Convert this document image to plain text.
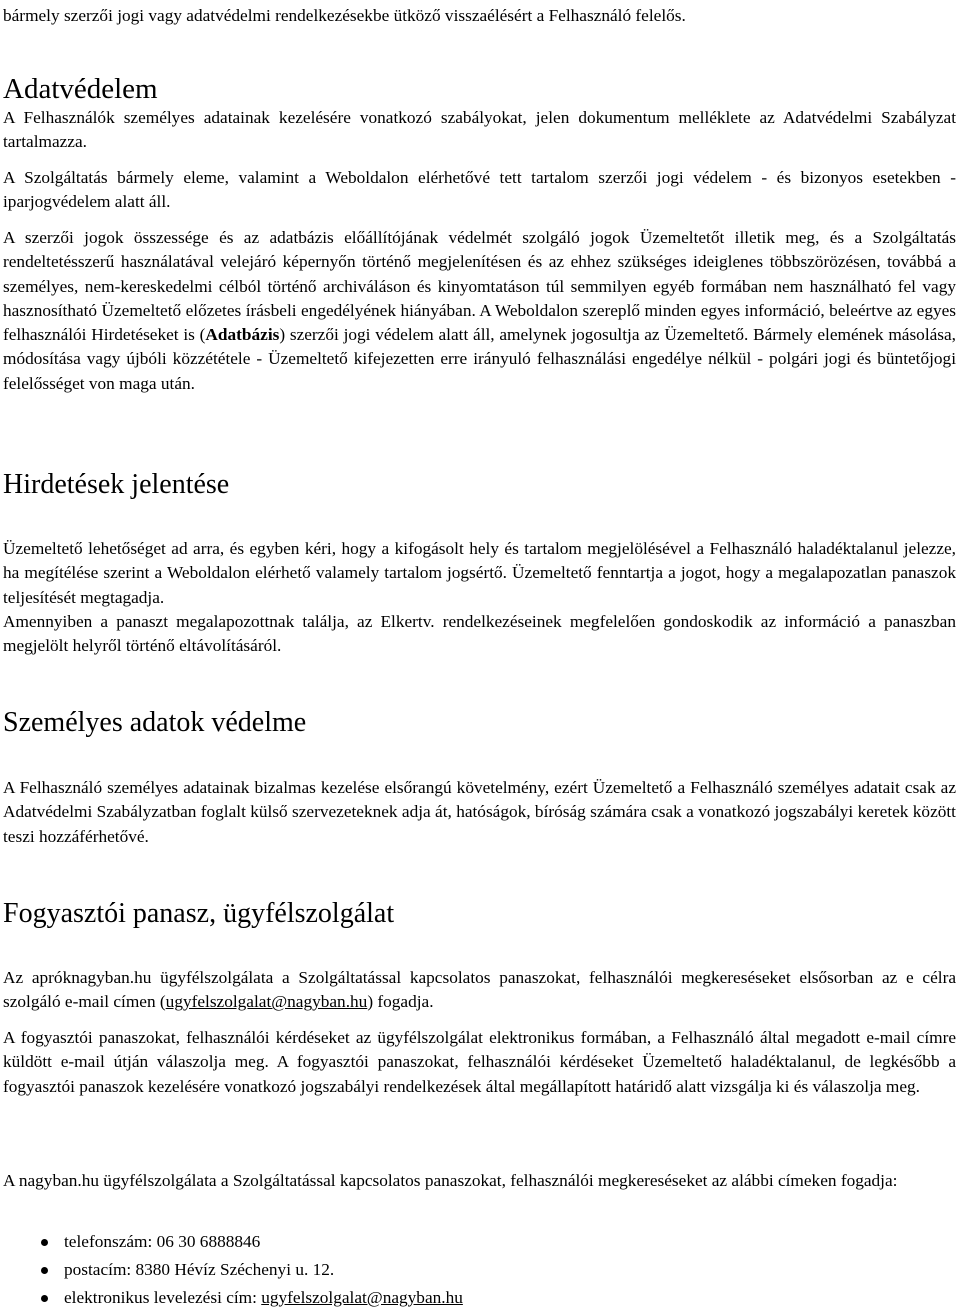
bármely szerzői jogi vagy adatvédelmi rendelkezésekbe ütköző visszaélésért a Felhasználó felelős.

Adatvédelem

A Felhasználók személyes adatainak kezelésére vonatkozó szabályokat, jelen dokumentum melléklete az Adatvédelmi Szabályzat tartalmazza.

A Szolgáltatás bármely eleme, valamint a Weboldalon elérhetővé tett tartalom szerzői jogi védelem - és bizonyos esetekben - iparjogvédelem alatt áll.

A szerzői jogok összessége és az adatbázis előállítójának védelmét szolgáló jogok Üzemeltetőt illetik meg, és a Szolgáltatás rendeltetésszerű használatával velejáró képernyőn történő megjelenítésen és az ehhez szükséges ideiglenes többszörözésen, továbbá a személyes, nem-kereskedelmi célból történő archiváláson és kinyomtatáson túl semmilyen egyéb formában nem használható fel vagy hasznosítható Üzemeltető előzetes írásbeli engedélyének hiányában. A Weboldalon szereplő minden egyes információ, beleértve az egyes felhasználói Hirdetéseket is (Adatbázis) szerzői jogi védelem alatt áll, amelynek jogosultja az Üzemeltető. Bármely elemének másolása, módosítása vagy újbóli közzététele - Üzemeltető kifejezetten erre irányuló felhasználási engedélye nélkül - polgári jogi és büntetőjogi felelősséget von maga után.

Hirdetések jelentése

Üzemeltető lehetőséget ad arra, és egyben kéri, hogy a kifogásolt hely és tartalom megjelölésével a Felhasználó haladéktalanul jelezze, ha megítélése szerint a Weboldalon elérhető valamely tartalom jogsértő. Üzemeltető fenntartja a jogot, hogy a megalapozatlan panaszok teljesítését megtagadja.

Amennyiben a panaszt megalapozottnak találja, az Elkertv. rendelkezéseinek megfelelően gondoskodik az információ a panaszban megjelölt helyről történő eltávolításáról.

Személyes adatok védelme

A Felhasználó személyes adatainak bizalmas kezelése elsőrangú követelmény, ezért Üzemeltető a Felhasználó személyes adatait csak az Adatvédelmi Szabályzatban foglalt külső szervezeteknek adja át, hatóságok, bíróság számára csak a vonatkozó jogszabályi keretek között teszi hozzáférhetővé.

Fogyasztói panasz, ügyfélszolgálat

Az apróknagyban.hu ügyfélszolgálata a Szolgáltatással kapcsolatos panaszokat, felhasználói megkereséseket elsősorban az e célra szolgáló e-mail címen (ugyfelszolgalat@nagyban.hu) fogadja.

A fogyasztói panaszokat, felhasználói kérdéseket az ügyfélszolgálat elektronikus formában, a Felhasználó által megadott e-mail címre küldött e-mail útján válaszolja meg. A fogyasztói panaszokat, felhasználói kérdéseket Üzemeltető haladéktalanul, de legkésőbb a fogyasztói panaszok kezelésére vonatkozó jogszabályi rendelkezések által megállapított határidő alatt vizsgálja ki és válaszolja meg.

A nagyban.hu ügyfélszolgálata a Szolgáltatással kapcsolatos panaszokat, felhasználói megkereséseket az alábbi címeken fogadja:

telefonszám: 06 30 6888846
postacím: 8380 Hévíz Széchenyi u. 12.
elektronikus levelezési cím: ugyfelszolgalat@nagyban.hu
